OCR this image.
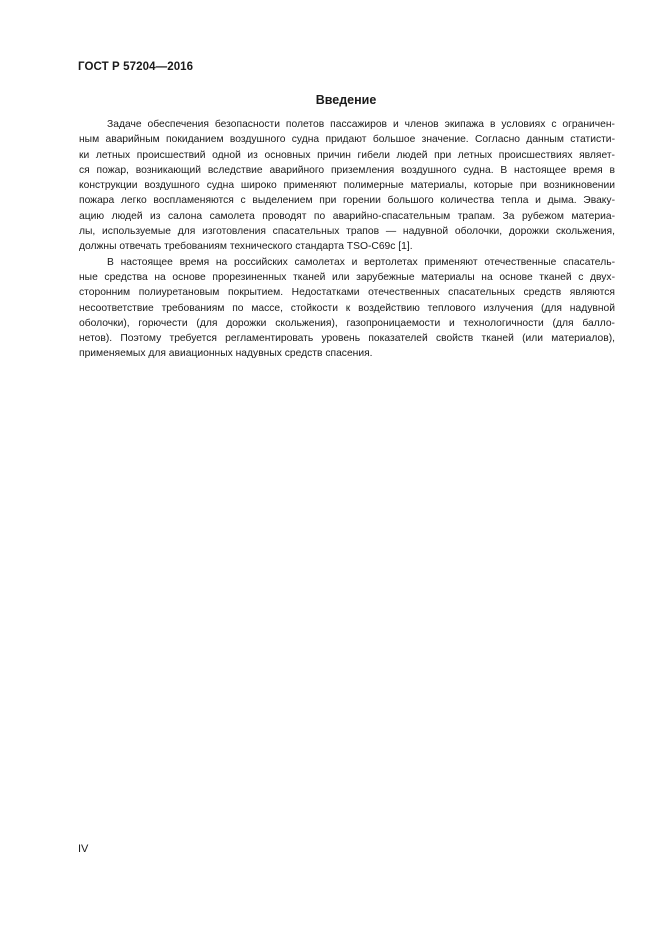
ГОСТ Р 57204—2016
Введение
Задаче обеспечения безопасности полетов пассажиров и членов экипажа в условиях с ограничен-
ным аварийным покиданием воздушного судна придают большое значение. Согласно данным статисти-
ки летных происшествий одной из основных причин гибели людей при летных происшествиях являет-
ся пожар, возникающий вследствие аварийного приземления воздушного судна. В настоящее время в
конструкции воздушного судна широко применяют полимерные материалы, которые при возникновении
пожара легко воспламеняются с выделением при горении большого количества тепла и дыма. Эваку-
ацию людей из салона самолета проводят по аварийно-спасательным трапам. За рубежом материа-
лы, используемые для изготовления спасательных трапов — надувной оболочки, дорожки скольжения,
должны отвечать требованиям технического стандарта TSO-C69c [1].
В настоящее время на российских самолетах и вертолетах применяют отечественные спасатель-
ные средства на основе прорезиненных тканей или зарубежные материалы на основе тканей с двух-
сторонним полиуретановым покрытием. Недостатками отечественных спасательных средств являются
несоответствие требованиям по массе, стойкости к воздействию теплового излучения (для надувной
оболочки), горючести (для дорожки скольжения), газопроницаемости и технологичности (для балло-
нетов). Поэтому требуется регламентировать уровень показателей свойств тканей (или материалов),
применяемых для авиационных надувных средств спасения.
IV
